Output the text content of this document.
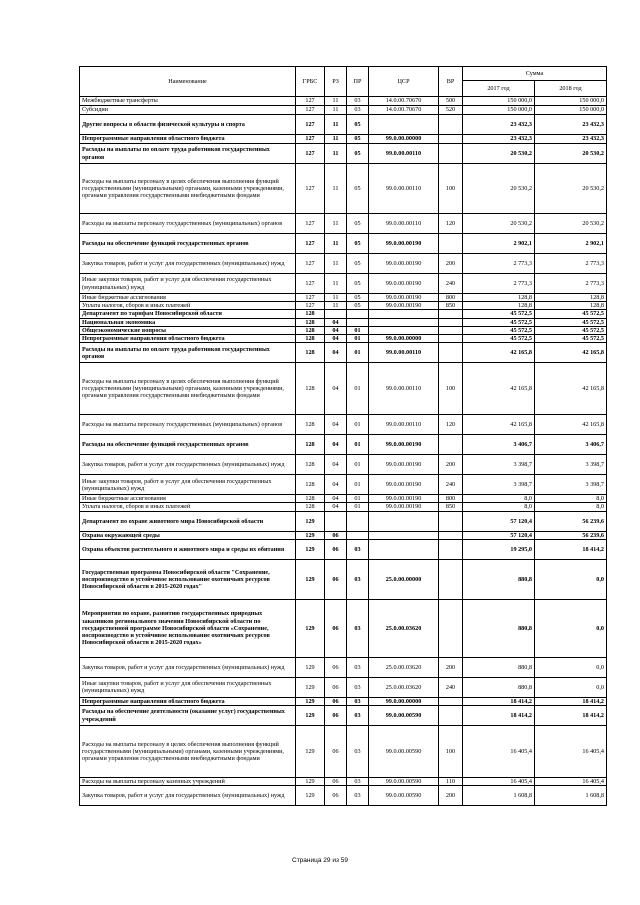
Наименование	ГРБС	РЗ	ПР	ЦСР	ВР	Сумма	
						2017 год	2018 год
Межбюджетные трансферты	127	11	03	14.0.00.70670	500	150 000,0	150 000,0
Субсидии	127	11	03	14.0.00.70670	520	150 000,0	150 000,0
Другие вопросы в области физической культуры и спорта	127	11	05			23 432,3	23 432,3
Непрограммные направления областного бюджета	127	11	05	99.0.00.00000		23 432,3	23 432,3
Расходы на выплаты по оплате труда работников государственных органов	127	11	05	99.0.00.00110		20 530,2	20 530,2
Расходы на выплаты персоналу в целях обеспечения выполнения функций государственными (муниципальными) органами, казенными учреждениями, органами управления государственными внебюджетными фондами	127	11	05	99.0.00.00110	100	20 530,2	20 530,2
Расходы на выплаты персоналу государственных (муниципальных) органов	127	11	05	99.0.00.00110	120	20 530,2	20 530,2
Расходы на обеспечение функций государственных органов	127	11	05	99.0.00.00190		2 902,1	2 902,1
Закупка товаров, работ и услуг для государственных (муниципальных) нужд	127	11	05	99.0.00.00190	200	2 773,3	2 773,3
Иные закупки товаров, работ и услуг для обеспечения государственных (муниципальных) нужд	127	11	05	99.0.00.00190	240	2 773,3	2 773,3
Иные бюджетные ассигнования	127	11	05	99.0.00.00190	800	128,8	128,8
Уплата налогов, сборов и иных платежей	127	11	05	99.0.00.00190	850	128,8	128,8
Департамент по тарифам Новосибирской области	128					45 572,5	45 572,5
Национальная экономика	128	04				45 572,5	45 572,5
Общеэкономические вопросы	128	04	01			45 572,5	45 572,5
Непрограммные направления областного бюджета	128	04	01	99.0.00.00000		45 572,5	45 572,5
Расходы на выплаты по оплате труда работников государственных органов	128	04	01	99.0.00.00110		42 165,8	42 165,8
Расходы на выплаты персоналу в целях обеспечения выполнения функций государственными (муниципальными) органами, казенными учреждениями, органами управления государственными внебюджетными фондами	128	04	01	99.0.00.00110	100	42 165,8	42 165,8
Расходы на выплаты персоналу государственных (муниципальных) органов	128	04	01	99.0.00.00110	120	42 165,8	42 165,8
Расходы на обеспечение функций государственных органов	128	04	01	99.0.00.00190		3 406,7	3 406,7
Закупка товаров, работ и услуг для государственных (муниципальных) нужд	128	04	01	99.0.00.00190	200	3 398,7	3 398,7
Иные закупки товаров, работ и услуг для обеспечения государственных (муниципальных) нужд	128	04	01	99.0.00.00190	240	3 398,7	3 398,7
Иные бюджетные ассигнования	128	04	01	99.0.00.00190	800	8,0	8,0
Уплата налогов, сборов и иных платежей	128	04	01	99.0.00.00190	850	8,0	8,0
Департамент по охране животного мира Новосибирской области	129					57 120,4	56 239,6
Охрана окружающей среды	129	06				57 120,4	56 239,6
Охрана объектов растительного и животного мира и среды их обитания	129	06	03			19 295,0	18 414,2
Государственная программа Новосибирской области "Сохранение, воспроизводство и устойчивое использование охотничьих ресурсов Новосибирской области в 2015-2020 годах"	129	06	03	25.0.00.00000		880,8	0,0
Мероприятия по охране, развитию государственных природных заказников регионального значения Новосибирской области по государственной программе Новосибирской области «Сохранение, воспроизводство и устойчивое использование охотничьих ресурсов Новосибирской области в 2015-2020 годах»	129	06	03	25.0.00.03620		880,8	0,0
Закупка товаров, работ и услуг для государственных (муниципальных) нужд	129	06	03	25.0.00.03620	200	880,8	0,0
Иные закупки товаров, работ и услуг для обеспечения государственных (муниципальных) нужд	129	06	03	25.0.00.03620	240	880,8	0,0
Непрограммные направления областного бюджета	129	06	03	99.0.00.00000		18 414,2	18 414,2
Расходы на обеспечение деятельности (оказание услуг) государственных учреждений	129	06	03	99.0.00.00590		18 414,2	18 414,2
Расходы на выплаты персоналу в целях обеспечения выполнения функций государственными (муниципальными) органами, казенными учреждениями, органами управления государственными внебюджетными фондами	129	06	03	99.0.00.00590	100	16 405,4	16 405,4
Расходы на выплаты персоналу казенных учреждений	129	06	03	99.0.00.00590	110	16 405,4	16 405,4
Закупка товаров, работ и услуг для государственных (муниципальных) нужд	129	06	03	99.0.00.00590	200	1 608,8	1 608,8
Страница 29 из 59
